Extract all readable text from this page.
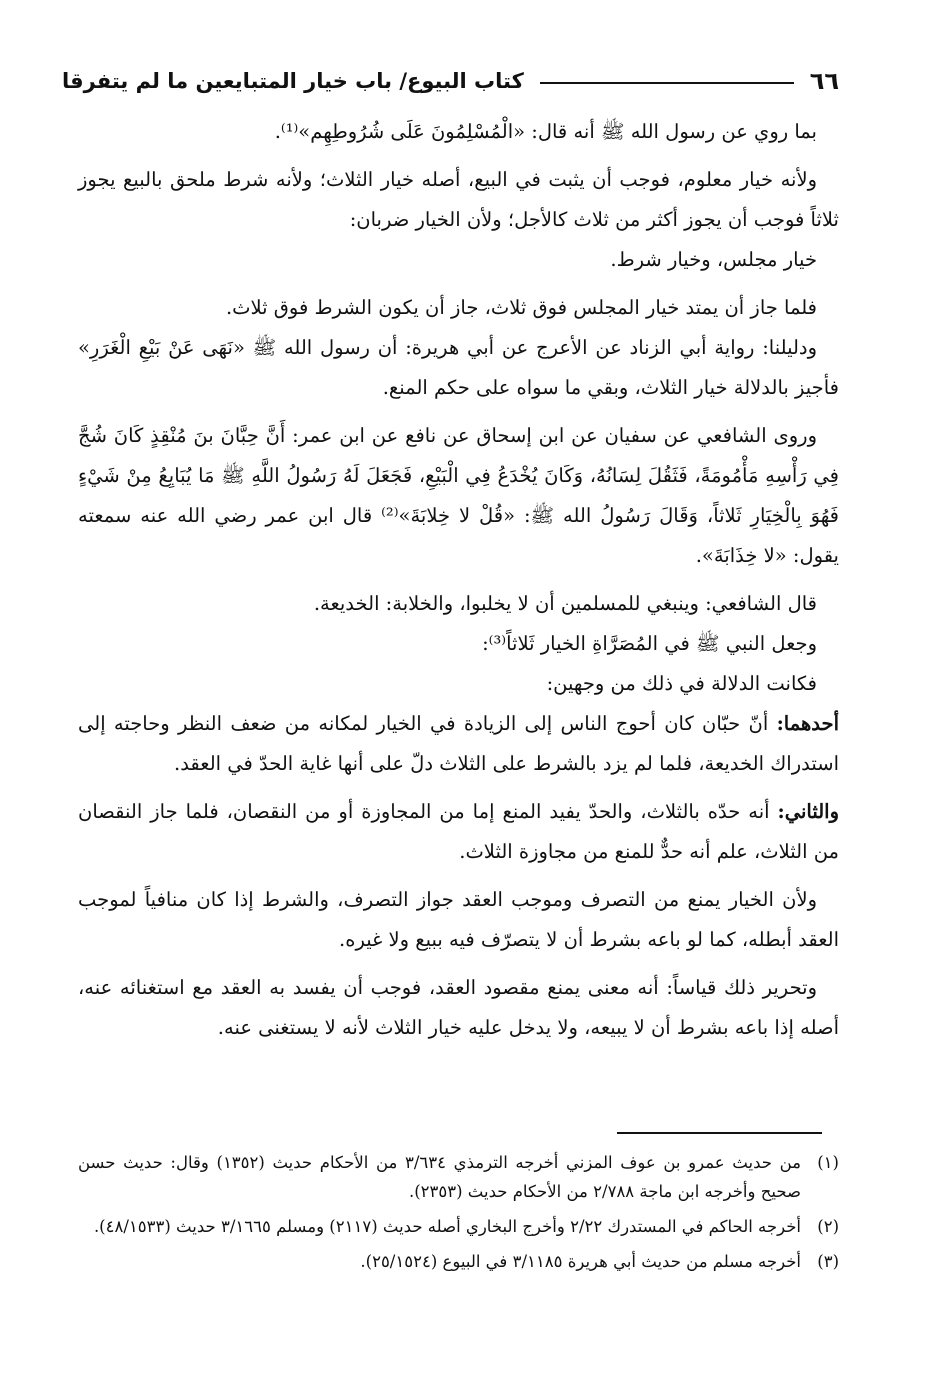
٦٦
كتاب البيوع/ باب خيار المتبايعين ما لم يتفرقا

بما روي عن رسول الله ﷺ أنه قال: «الْمُسْلِمُونَ عَلَى شُرُوطِهِم»⁽¹⁾.

ولأنه خيار معلوم، فوجب أن يثبت في البيع، أصله خيار الثلاث؛ ولأنه شرط ملحق بالبيع يجوز ثلاثاً فوجب أن يجوز أكثر من ثلاث كالأجل؛ ولأن الخيار ضربان:

خيار مجلس، وخيار شرط.

فلما جاز أن يمتد خيار المجلس فوق ثلاث، جاز أن يكون الشرط فوق ثلاث.

ودليلنا: رواية أبي الزناد عن الأعرج عن أبي هريرة: أن رسول الله ﷺ «نَهَى عَنْ بَيْعِ الْغَرَرِ» فأجيز بالدلالة خيار الثلاث، وبقي ما سواه على حكم المنع.

وروى الشافعي عن سفيان عن ابن إسحاق عن نافع عن ابن عمر: أَنَّ حِبَّانَ بنَ مُنْقِذٍ كَانَ شُجَّ فِي رَأْسِهِ مَأْمُومَةً، فَثَقُلَ لِسَانُهُ، وَكَانَ يُخْدَعُ فِي الْبَيْعِ، فَجَعَلَ لَهُ رَسُولُ اللَّهِ ﷺ مَا يُبَايِعُ مِنْ شَيْءٍ فَهُوَ بِالْخِيَارِ ثَلاثاً، وَقَالَ رَسُولُ الله ﷺ: «قُلْ لا خِلابَةَ»⁽²⁾ قال ابن عمر رضي الله عنه سمعته يقول: «لا خِذَابَةَ».

قال الشافعي: وينبغي للمسلمين أن لا يخلبوا، والخلابة: الخديعة.

وجعل النبي ﷺ في المُصَرَّاةِ الخيار ثَلاثاً⁽³⁾:

فكانت الدلالة في ذلك من وجهين:

أحدهما: أنّ حبّان كان أحوج الناس إلى الزيادة في الخيار لمكانه من ضعف النظر وحاجته إلى استدراك الخديعة، فلما لم يزد بالشرط على الثلاث دلّ على أنها غاية الحدّ في العقد.

والثاني: أنه حدّه بالثلاث، والحدّ يفيد المنع إما من المجاوزة أو من النقصان، فلما جاز النقصان من الثلاث، علم أنه حدٌّ للمنع من مجاوزة الثلاث.

ولأن الخيار يمنع من التصرف وموجب العقد جواز التصرف، والشرط إذا كان منافياً لموجب العقد أبطله، كما لو باعه بشرط أن لا يتصرّف فيه ببيع ولا غيره.

وتحرير ذلك قياساً: أنه معنى يمنع مقصود العقد، فوجب أن يفسد به العقد مع استغنائه عنه، أصله إذا باعه بشرط أن لا يبيعه، ولا يدخل عليه خيار الثلاث لأنه لا يستغنى عنه.

(١)من حديث عمرو بن عوف المزني أخرجه الترمذي ٣/٦٣٤ من الأحكام حديث (١٣٥٢) وقال: حديث حسن صحيح وأخرجه ابن ماجة ٢/٧٨٨ من الأحكام حديث (٢٣٥٣).

(٢)أخرجه الحاكم في المستدرك ٢/٢٢ وأخرج البخاري أصله حديث (٢١١٧) ومسلم ٣/١٦٦٥ حديث (٤٨/١٥٣٣).

(٣)أخرجه مسلم من حديث أبي هريرة ٣/١١٨٥ في البيوع (٢٥/١٥٢٤).
